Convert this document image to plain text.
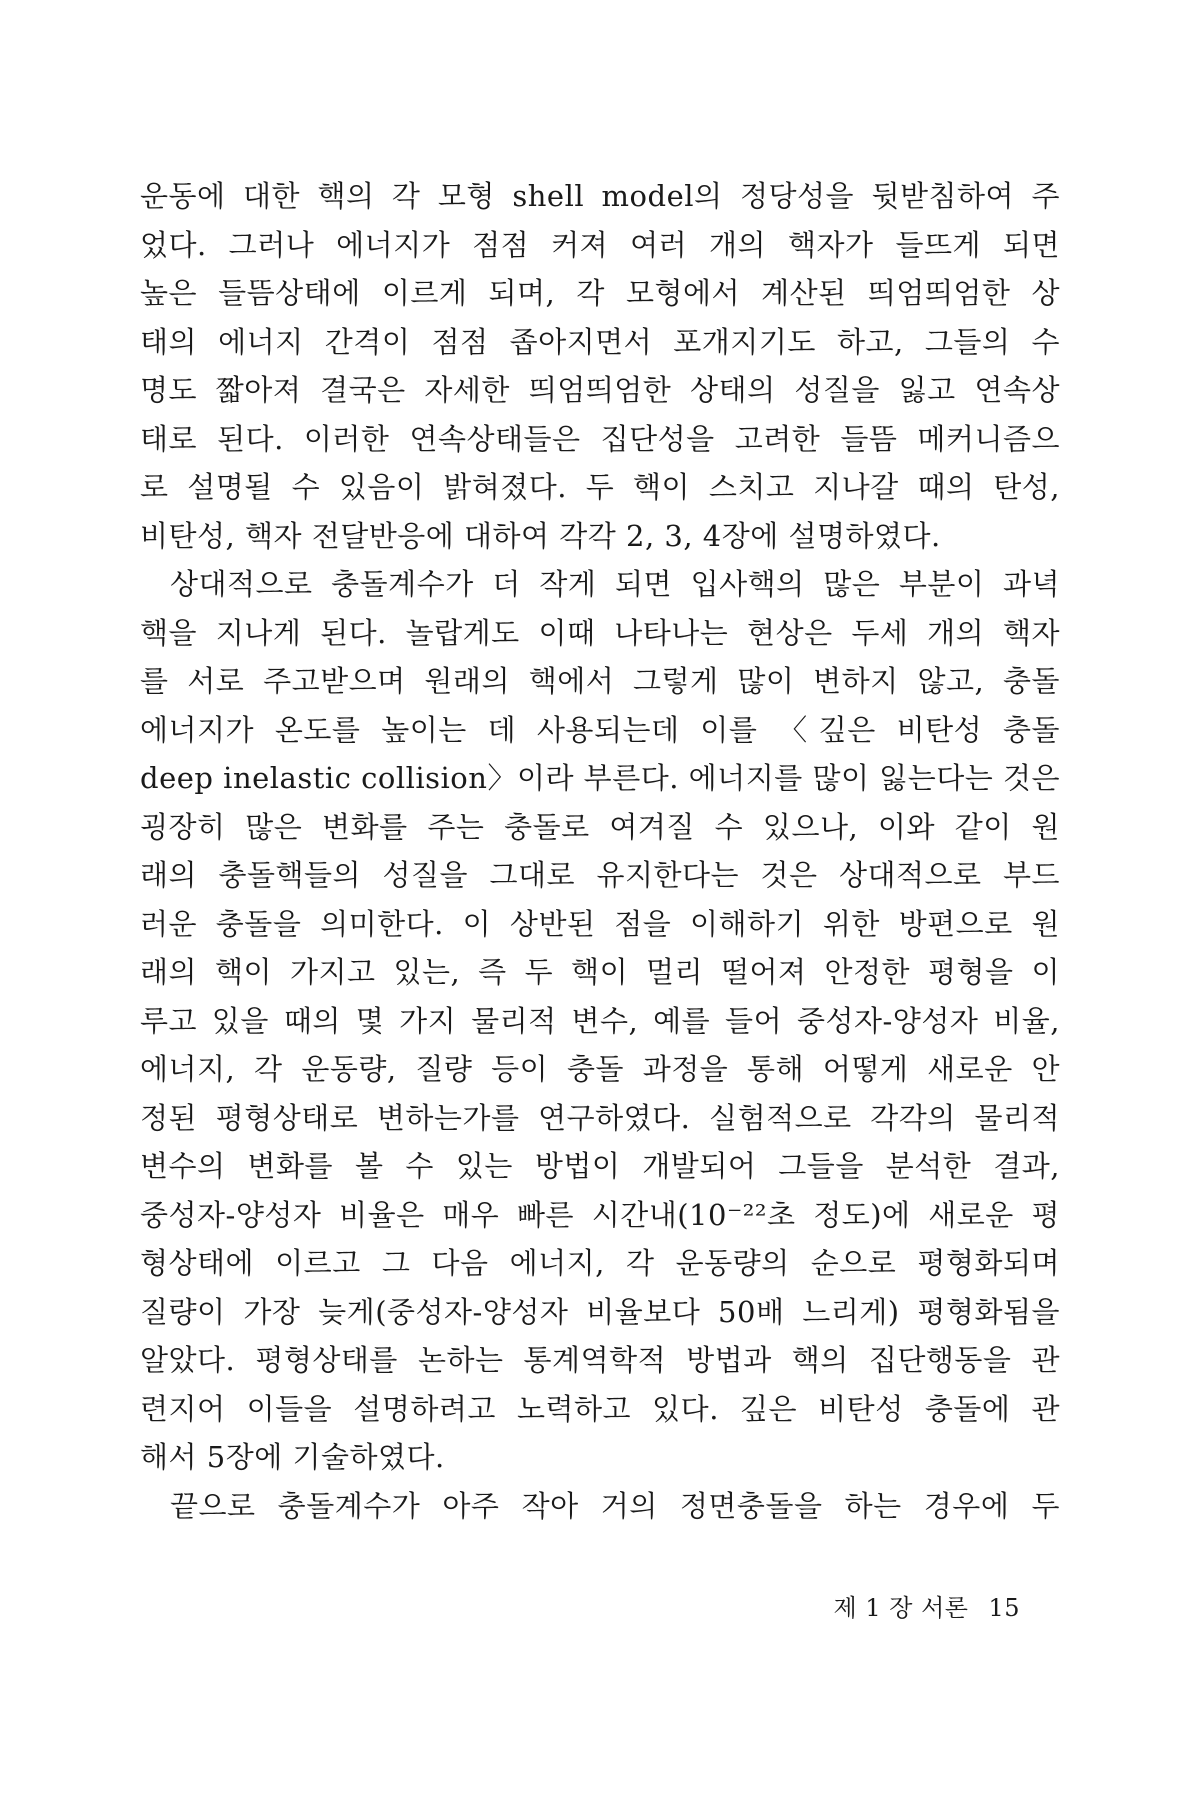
운동에 대한 핵의 각 모형 shell model의 정당성을 뒷받침하여 주
었다. 그러나 에너지가 점점 커져 여러 개의 핵자가 들뜨게 되면
높은 들뜸상태에 이르게 되며, 각 모형에서 계산된 띄엄띄엄한 상
태의 에너지 간격이 점점 좁아지면서 포개지기도 하고, 그들의 수
명도 짧아져 결국은 자세한 띄엄띄엄한 상태의 성질을 잃고 연속상
태로 된다. 이러한 연속상태들은 집단성을 고려한 들뜸 메커니즘으
로 설명될 수 있음이 밝혀졌다. 두 핵이 스치고 지나갈 때의 탄성,
비탄성, 핵자 전달반응에 대하여 각각 2, 3, 4장에 설명하였다.
상대적으로 충돌계수가 더 작게 되면 입사핵의 많은 부분이 과녁
핵을 지나게 된다. 놀랍게도 이때 나타나는 현상은 두세 개의 핵자
를 서로 주고받으며 원래의 핵에서 그렇게 많이 변하지 않고, 충돌
에너지가 온도를 높이는 데 사용되는데 이를 〈깊은 비탄성 충돌
deep inelastic collision〉이라 부른다. 에너지를 많이 잃는다는 것은
굉장히 많은 변화를 주는 충돌로 여겨질 수 있으나, 이와 같이 원
래의 충돌핵들의 성질을 그대로 유지한다는 것은 상대적으로 부드
러운 충돌을 의미한다. 이 상반된 점을 이해하기 위한 방편으로 원
래의 핵이 가지고 있는, 즉 두 핵이 멀리 떨어져 안정한 평형을 이
루고 있을 때의 몇 가지 물리적 변수, 예를 들어 중성자-양성자 비율,
에너지, 각 운동량, 질량 등이 충돌 과정을 통해 어떻게 새로운 안
정된 평형상태로 변하는가를 연구하였다. 실험적으로 각각의 물리적
변수의 변화를 볼 수 있는 방법이 개발되어 그들을 분석한 결과,
중성자-양성자 비율은 매우 빠른 시간내(10⁻²²초 정도)에 새로운 평
형상태에 이르고 그 다음 에너지, 각 운동량의 순으로 평형화되며
질량이 가장 늦게(중성자-양성자 비율보다 50배 느리게) 평형화됨을
알았다. 평형상태를 논하는 통계역학적 방법과 핵의 집단행동을 관
련지어 이들을 설명하려고 노력하고 있다. 깊은 비탄성 충돌에 관
해서 5장에 기술하였다.
끝으로 충돌계수가 아주 작아 거의 정면충돌을 하는 경우에 두
제 1 장 서론 15
